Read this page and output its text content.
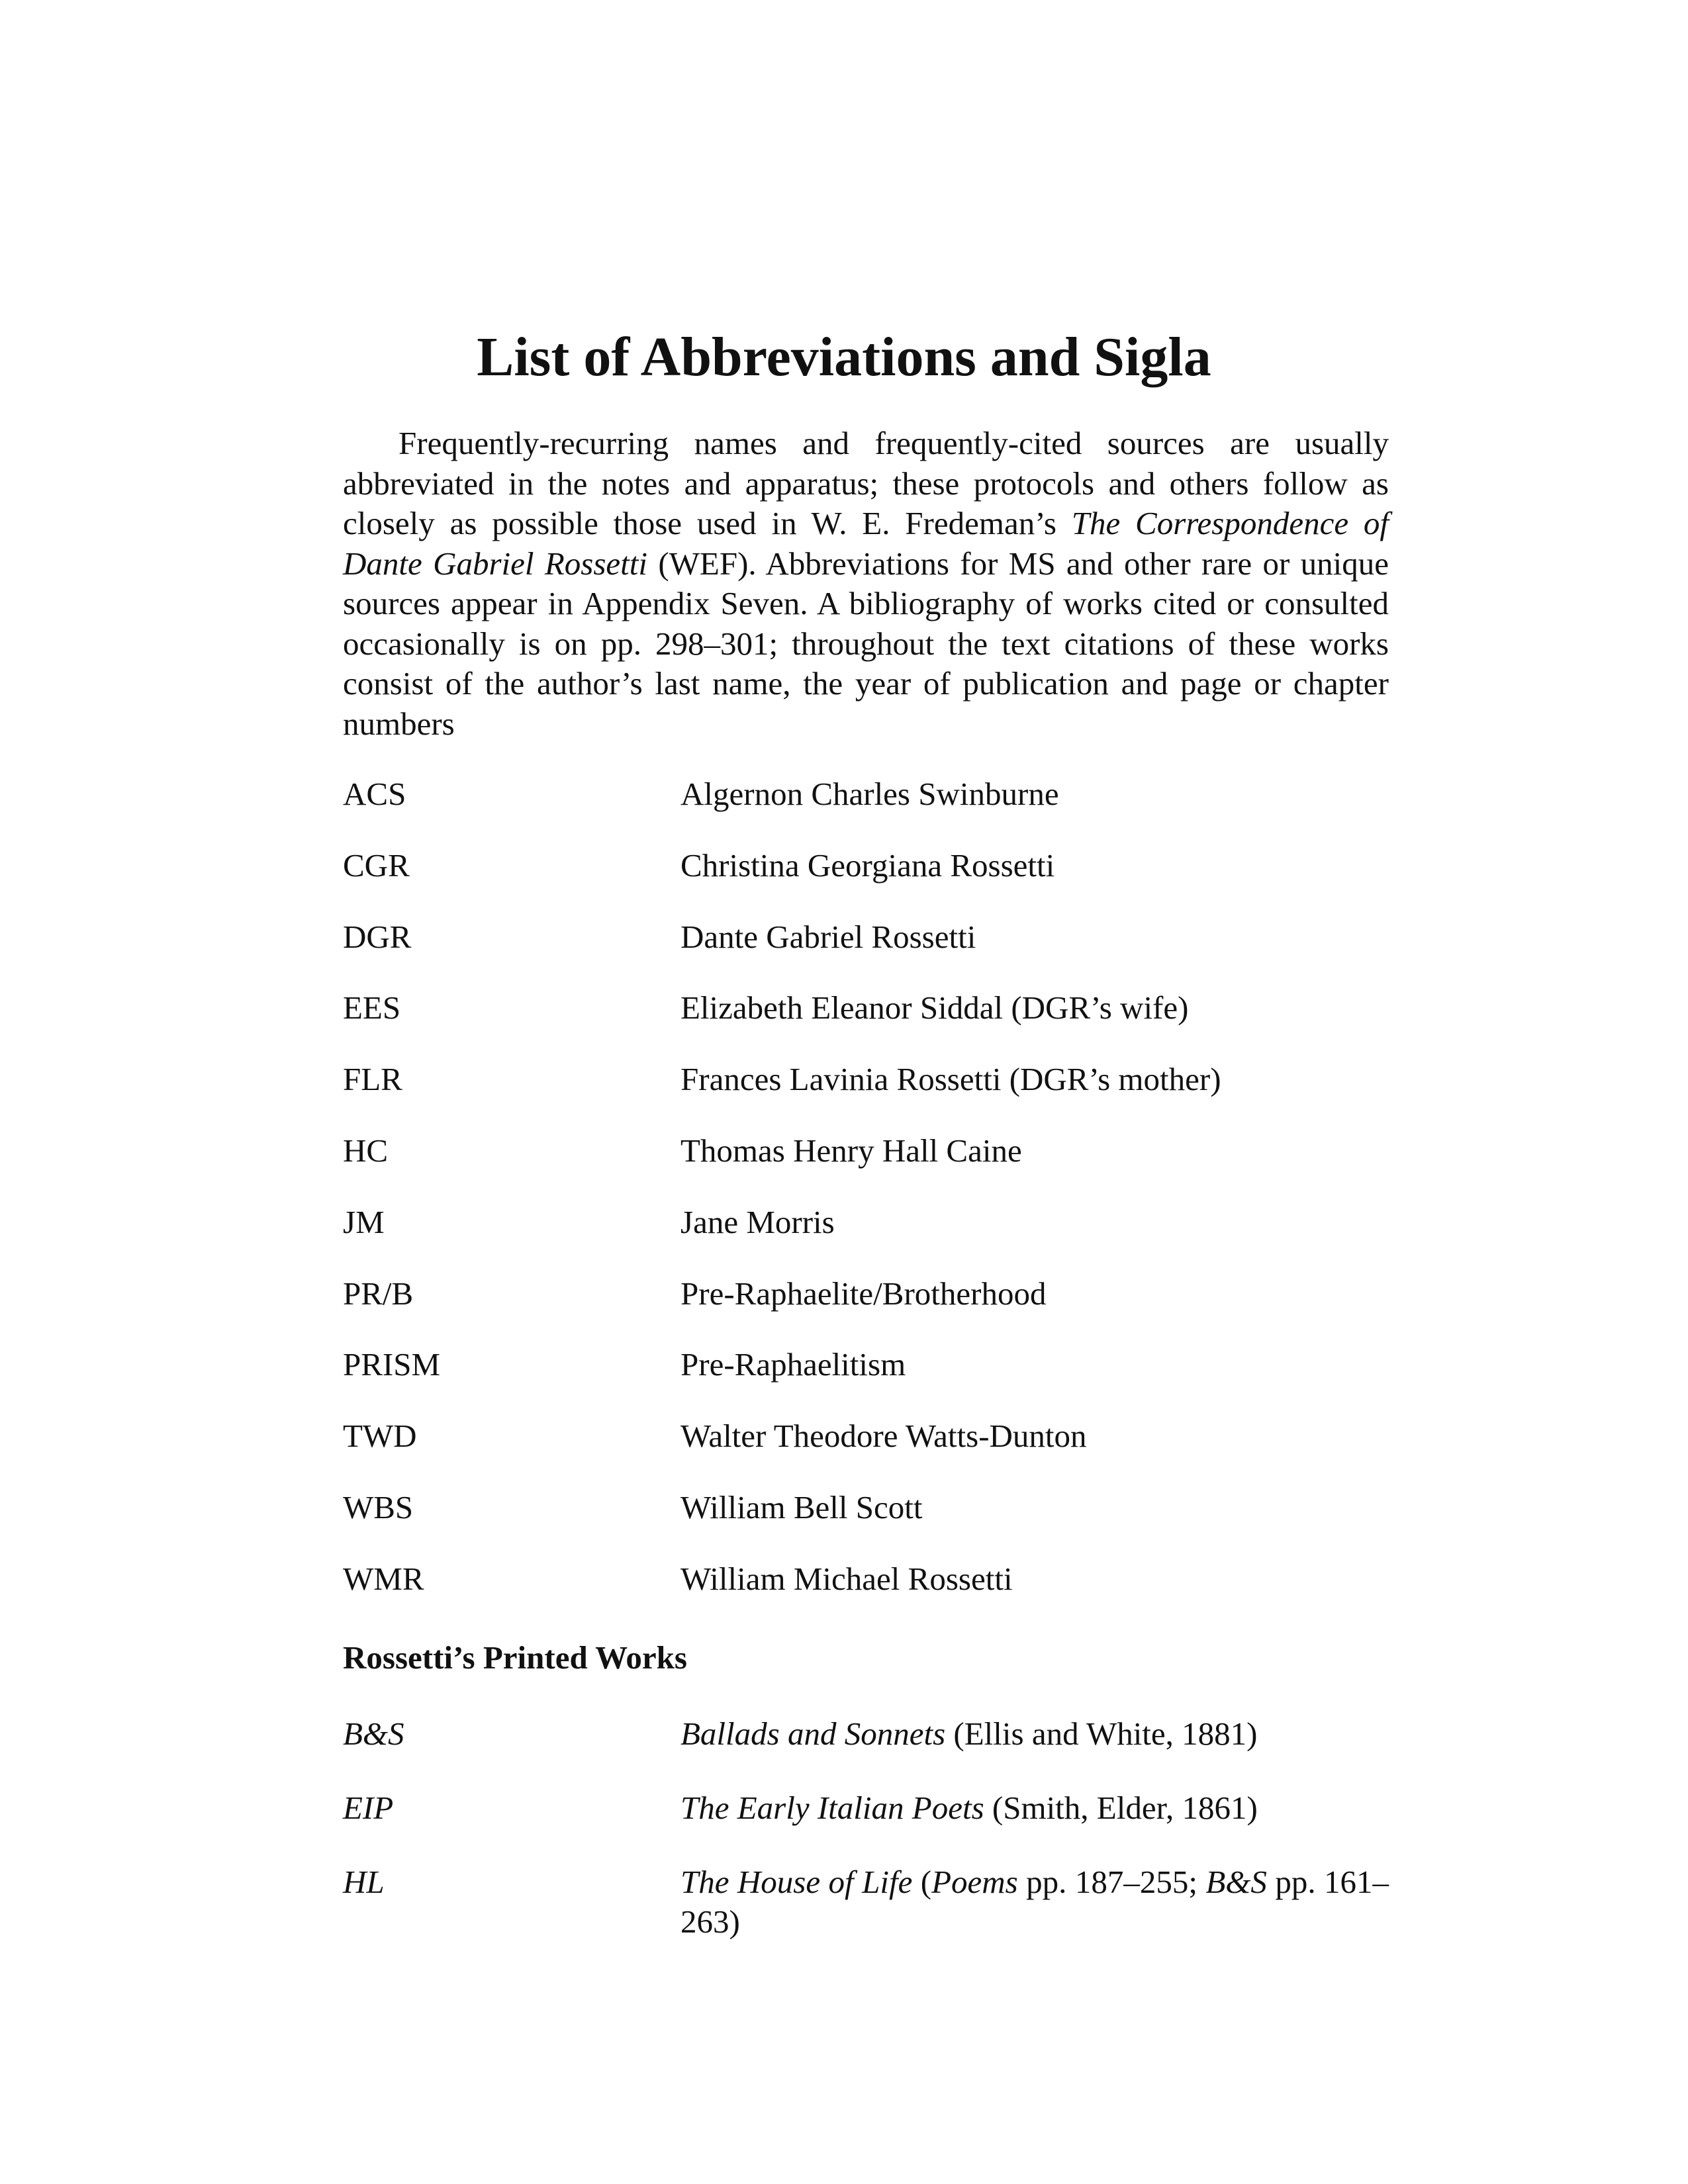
List of Abbreviations and Sigla

Frequently-recurring names and frequently-cited sources are usually abbreviated in the notes and apparatus; these protocols and others follow as closely as possible those used in W. E. Fredeman’s The Correspondence of Dante Gabriel Rossetti (WEF). Abbreviations for MS and other rare or unique sources appear in Appendix Seven. A bibliography of works cited or consulted occasionally is on pp. 298–301; throughout the text citations of these works consist of the author’s last name, the year of publication and page or chapter numbers

ACS	Algernon Charles Swinburne
CGR	Christina Georgiana Rossetti
DGR	Dante Gabriel Rossetti
EES	Elizabeth Eleanor Siddal (DGR’s wife)
FLR	Frances Lavinia Rossetti (DGR’s mother)
HC	Thomas Henry Hall Caine
JM	Jane Morris
PR/B	Pre-Raphaelite/Brotherhood
PRISM	Pre-Raphaelitism
TWD	Walter Theodore Watts-Dunton
WBS	William Bell Scott
WMR	William Michael Rossetti
Rossetti’s Printed Works
B&S	Ballads and Sonnets (Ellis and White, 1881)
EIP	The Early Italian Poets (Smith, Elder, 1861)
HL	The House of Life (Poems pp. 187–255; B&S pp. 161–263)
